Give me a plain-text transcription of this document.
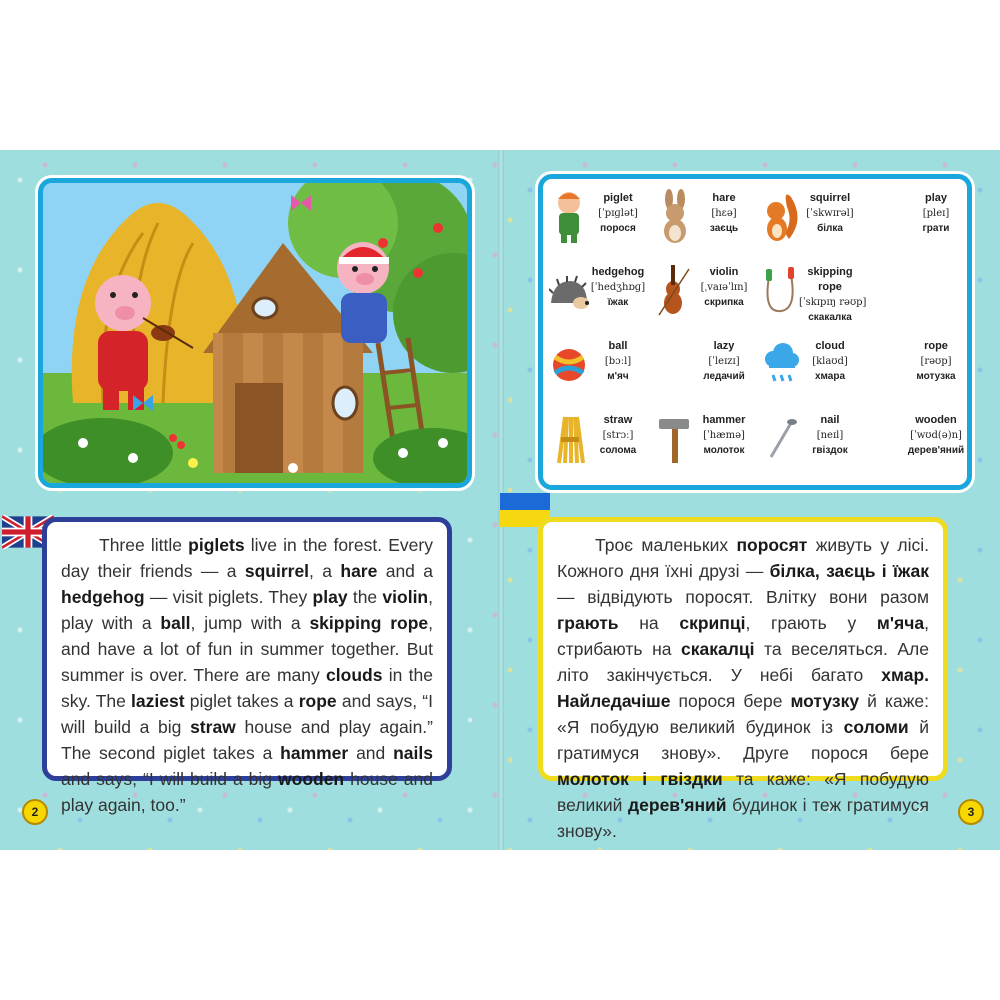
piglet
[ˈpɪɡlət]
порося
hare
[hɛə]
заєць
squirrel
[ˈskwɪrəl]
білка
play
[pleɪ]
грати
hedgehog
[ˈhedʒhɒɡ]
їжак
violin
[ˌvaɪəˈlɪn]
скрипка
skipping rope
[ˈskɪpɪŋ rəʊp]
скакалка
ball
[bɔːl]
м'яч
lazy
[ˈleɪzɪ]
ледачий
cloud
[klaʊd]
хмара
rope
[rəʊp]
мотузка
straw
[strɔː]
солома
hammer
[ˈhæmə]
молоток
nail
[neɪl]
гвіздок
wooden
[ˈwʊd(ə)n]
дерев'яний

Three little piglets live in the forest. Every day their friends — a squirrel, a hare and a hedgehog — visit piglets. They play the violin, play with a ball, jump with a skipping rope, and have a lot of fun in summer together. But summer is over. There are many clouds in the sky. The laziest piglet takes a rope and says, “I will build a big straw house and play again.” The second piglet takes a hammer and nails and says, “I will build a big wooden house and play again, too.”

Троє маленьких поросят живуть у лісі. Кожного дня їхні друзі — білка, заєць і їжак — відвідують поросят. Влітку вони разом грають на скрипці, грають у м'яча, стрибають на скакалці та веселяться. Але літо закінчується. У небі багато хмар. Найледачіше порося бере мотузку й каже: «Я побудую великий будинок із соломи й гратимуся знову». Друге порося бере молоток і гвіздки та каже: «Я побудую великий дерев'яний будинок і теж гратимуся знову».

2	3
